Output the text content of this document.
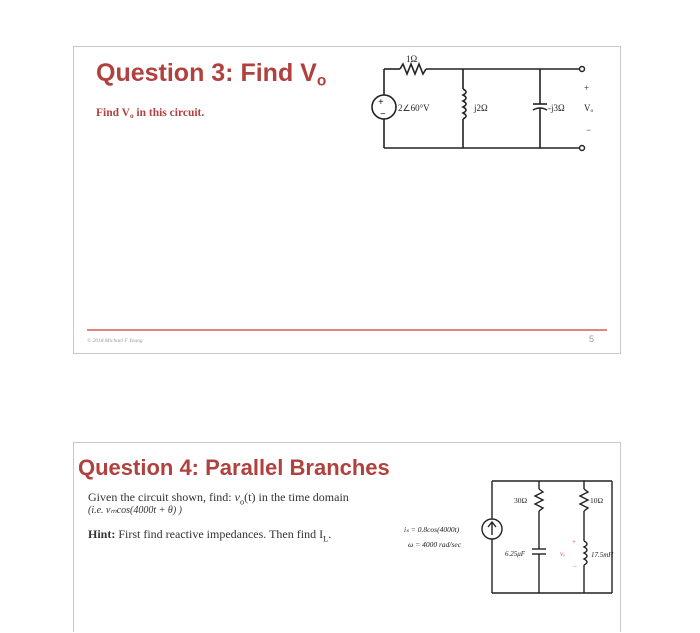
Question 3: Find $V_o$

Find $V_o$ in this circuit.

+
−
1Ω
2∠60°V	j2Ω	-j3Ω
+
Vₒ
−
© 2018 Michael F Young	5
Question 4: Parallel Branches

Given the circuit shown, find: $v_o(t)$ in the time domain

(i.e. vₘcos(4000t + θ) )

Hint: First find reactive impedances. Then find $I_L$.	iₛ = 0.8cos(4000t)
ω = 4000 rad/sec
30Ω	10Ω
6.25μF	17.5mH
+
vₒ
−
